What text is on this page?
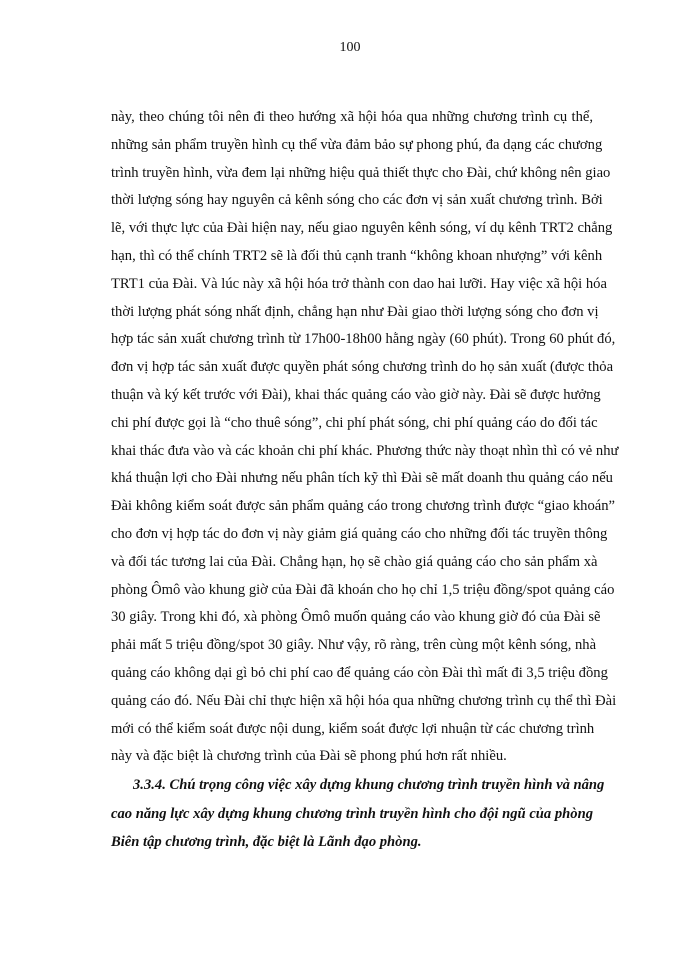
100
này, theo chúng tôi nên đi theo hướng xã hội hóa qua những chương trình cụ thể,
những sản phẩm truyền hình cụ thể vừa đảm bảo sự phong phú, đa dạng các chương
trình truyền hình, vừa đem lại những hiệu quả thiết thực cho Đài, chứ không nên giao
thời lượng sóng hay nguyên cả kênh sóng cho các đơn vị sản xuất chương trình. Bởi
lẽ, với thực lực của Đài hiện nay, nếu giao nguyên kênh sóng, ví dụ kênh TRT2 chẳng
hạn, thì có thể chính TRT2 sẽ là đối thủ cạnh tranh “không khoan nhượng” với kênh
TRT1 của Đài. Và lúc này xã hội hóa trở thành con dao hai lưỡi. Hay việc xã hội hóa
thời lượng phát sóng nhất định, chẳng hạn như Đài giao thời lượng sóng cho đơn vị
hợp tác sản xuất chương trình từ 17h00-18h00 hằng ngày (60 phút). Trong 60 phút đó,
đơn vị hợp tác sản xuất được quyền phát sóng chương trình do họ sản xuất (được thỏa
thuận và ký kết trước với Đài), khai thác quảng cáo vào giờ này. Đài sẽ được hưởng
chi phí được gọi là “cho thuê sóng”, chi phí phát sóng, chi phí quảng cáo do đối tác
khai thác đưa vào và các khoản chi phí khác. Phương thức này thoạt nhìn thì có vẻ như
khá thuận lợi cho Đài nhưng nếu phân tích kỹ thì Đài sẽ mất doanh thu quảng cáo nếu
Đài không kiểm soát được sản phẩm quảng cáo trong chương trình được “giao khoán”
cho đơn vị hợp tác do đơn vị này giảm giá quảng cáo cho những đối tác truyền thông
và đối tác tương lai của Đài. Chẳng hạn, họ sẽ chào giá quảng cáo cho sản phẩm xà
phòng Ômô vào khung giờ của Đài đã khoán cho họ chỉ 1,5 triệu đồng/spot quảng cáo
30 giây. Trong khi đó, xà phòng Ômô muốn quảng cáo vào khung giờ đó của Đài sẽ
phải mất 5 triệu đồng/spot 30 giây. Như vậy, rõ ràng, trên cùng một kênh sóng, nhà
quảng cáo không dại gì bỏ chi phí cao để quảng cáo còn Đài thì mất đi 3,5 triệu đồng
quảng cáo đó. Nếu Đài chỉ thực hiện xã hội hóa qua những chương trình cụ thể thì Đài
mới có thể kiểm soát được nội dung, kiểm soát được lợi nhuận từ các chương trình
này và đặc biệt là chương trình của Đài sẽ phong phú hơn rất nhiều.
3.3.4. Chú trọng công việc xây dựng khung chương trình truyền hình và nâng
cao năng lực xây dựng khung chương trình truyền hình cho đội ngũ của phòng
Biên tập chương trình, đặc biệt là Lãnh đạo phòng.
